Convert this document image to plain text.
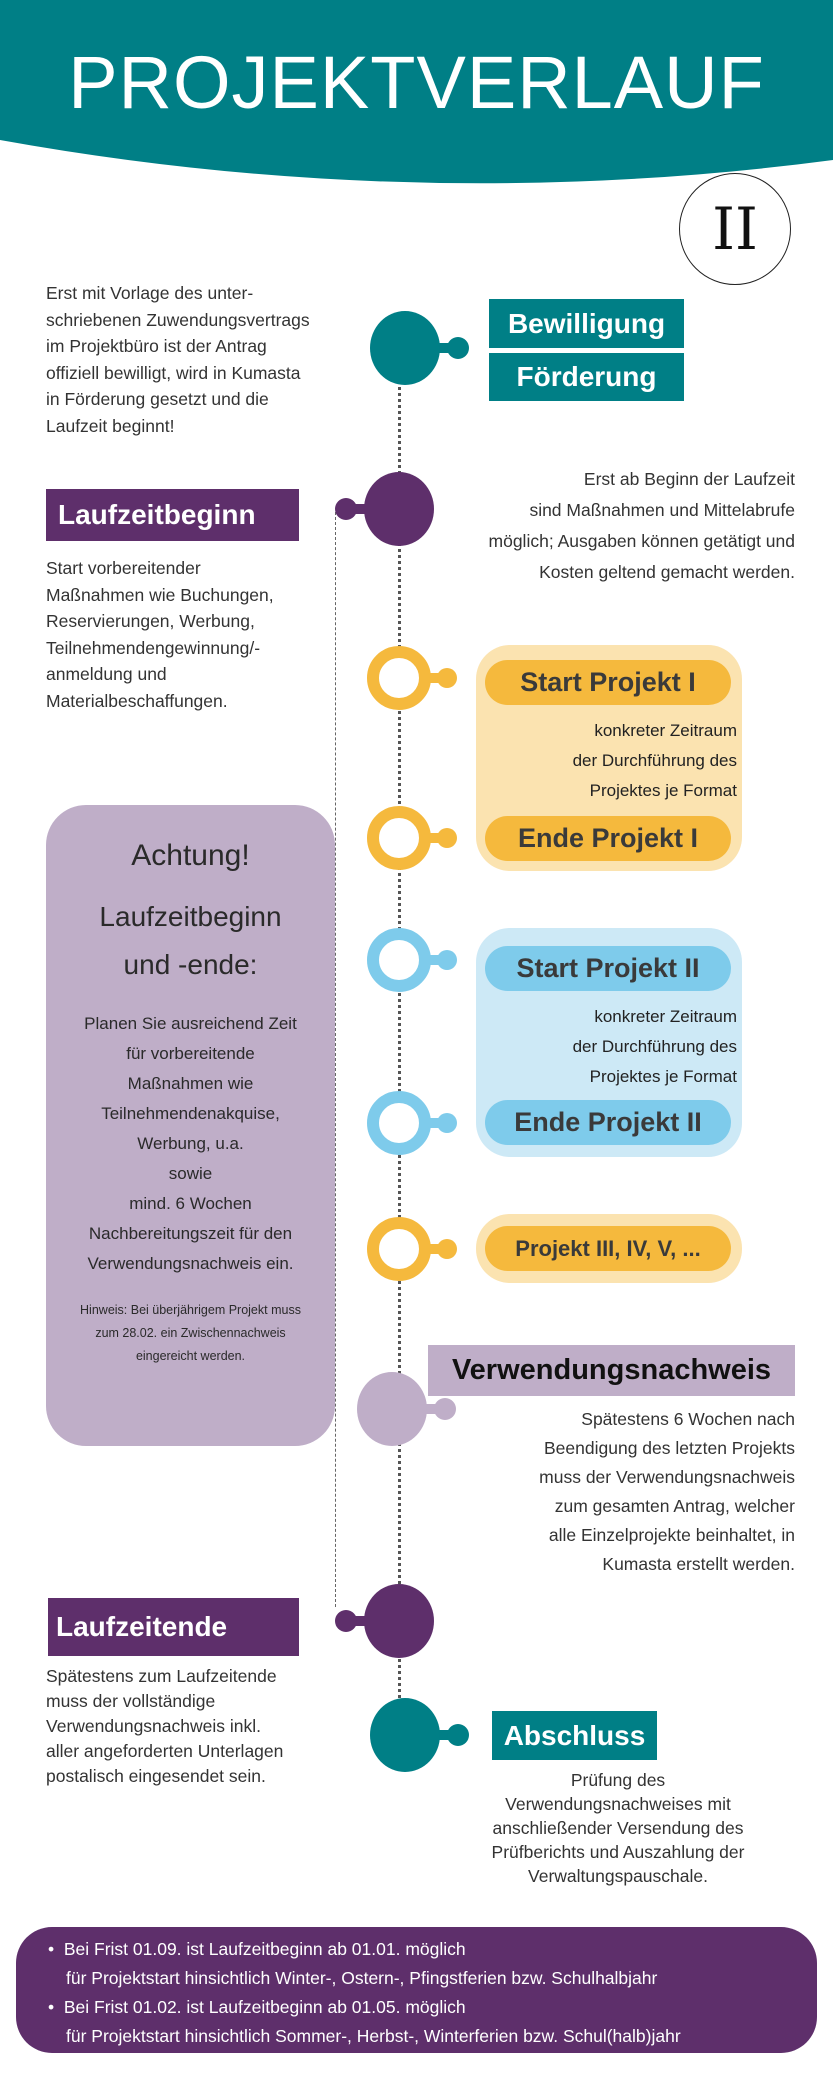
PROJEKTVERLAUF
II
Erst mit Vorlage des unter-
schriebenen Zuwendungsvertrags
im Projektbüro ist der Antrag
offiziell bewilligt, wird in Kumasta
in Förderung gesetzt und die
Laufzeit beginnt!
Bewilligung
Förderung
Laufzeitbeginn
Erst ab Beginn der Laufzeit
sind Maßnahmen und Mittelabrufe
möglich; Ausgaben können getätigt und
Kosten geltend gemacht werden.
Start vorbereitender
Maßnahmen wie Buchungen,
Reservierungen, Werbung,
Teilnehmendengewinnung/-
anmeldung und
Materialbeschaffungen.
Start Projekt I
konkreter Zeitraum
der Durchführung des
Projektes je Format
Ende Projekt I
Achtung!
Laufzeitbeginn
und -ende:
Planen Sie ausreichend Zeit
für vorbereitende
Maßnahmen wie
Teilnehmendenakquise,
Werbung, u.a.
sowie
mind. 6 Wochen
Nachbereitungszeit für den
Verwendungsnachweis ein.
Hinweis: Bei überjährigem Projekt muss
zum 28.02. ein Zwischennachweis
eingereicht werden.
Start Projekt II
konkreter Zeitraum
der Durchführung des
Projektes je Format
Ende Projekt II
Projekt III, IV, V, ...
Verwendungsnachweis
Spätestens 6 Wochen nach
Beendigung des letzten Projekts
muss der Verwendungsnachweis
zum gesamten Antrag, welcher
alle Einzelprojekte beinhaltet, in
Kumasta erstellt werden.
Laufzeitende
Spätestens zum Laufzeitende
muss der vollständige
Verwendungsnachweis inkl.
aller angeforderten Unterlagen
postalisch eingesendet sein.
Abschluss
Prüfung des
Verwendungsnachweises mit
anschließender Versendung des
Prüfberichts und Auszahlung der
Verwaltungspauschale.
•  Bei Frist 01.09. ist Laufzeitbeginn ab 01.01. möglich
für Projektstart hinsichtlich Winter-, Ostern-, Pfingstferien bzw. Schulhalbjahr
•  Bei Frist 01.02. ist Laufzeitbeginn ab 01.05. möglich
für Projektstart hinsichtlich Sommer-, Herbst-, Winterferien bzw. Schul(halb)jahr
